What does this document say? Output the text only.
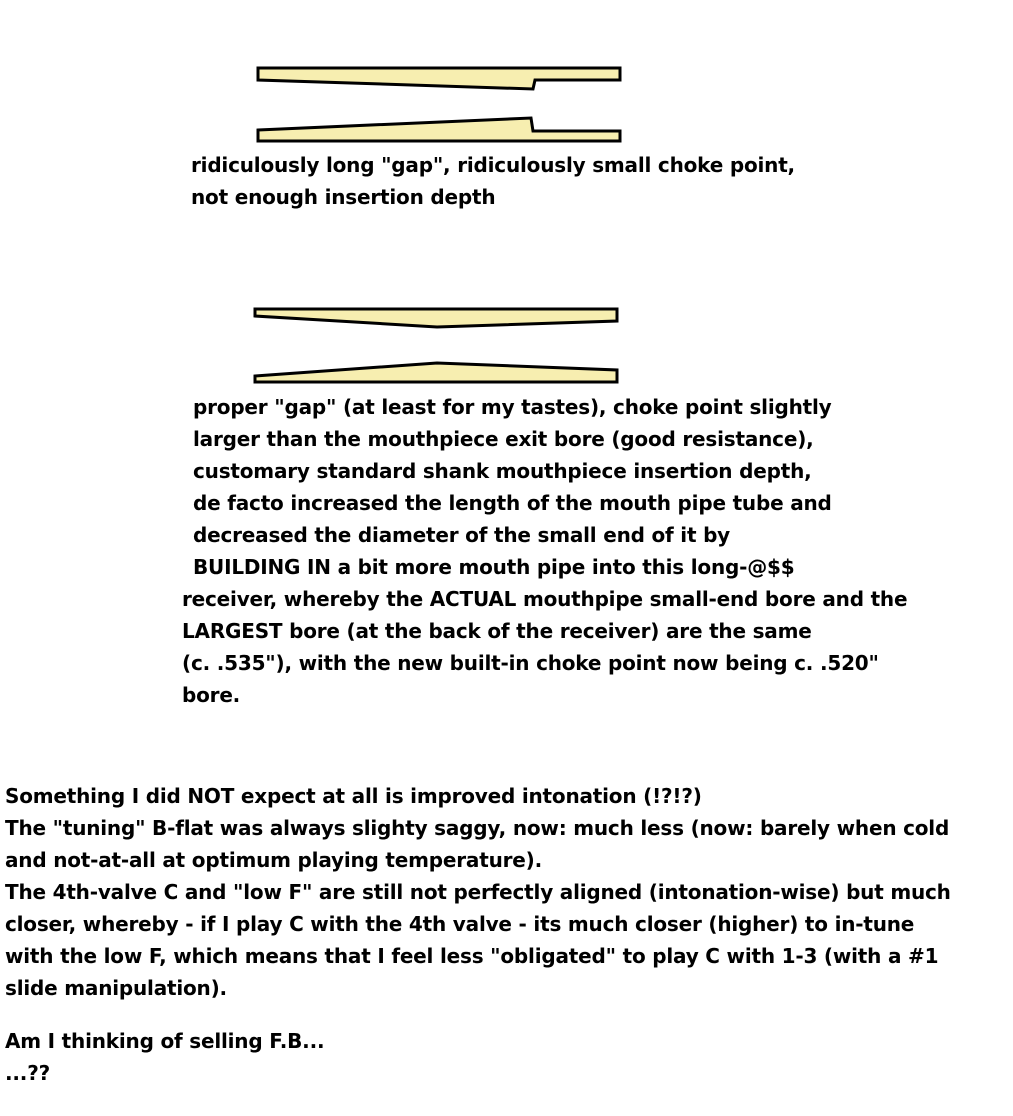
ridiculously long "gap", ridiculously small choke point,
not enough insertion depth
proper "gap" (at least for my tastes), choke point slightly
larger than the mouthpiece exit bore (good resistance),
customary standard shank mouthpiece insertion depth,
de facto increased the length of the mouth pipe tube and
decreased the diameter of the small end of it by
BUILDING IN a bit more mouth pipe into this long-@$$
receiver, whereby the ACTUAL mouthpipe small-end bore and the
LARGEST bore (at the back of the receiver) are the same
(c. .535"), with the new built-in choke point now being c. .520"
bore.
Something I did NOT expect at all is improved intonation (!?!?)
The "tuning" B-flat was always slighty saggy, now: much less (now: barely when cold
and not-at-all at optimum playing temperature).
The 4th-valve C and "low F" are still not perfectly aligned (intonation-wise) but much
closer, whereby - if I play C with the 4th valve - its much closer (higher) to in-tune
with the low F, which means that I feel less "obligated" to play C with 1-3 (with a #1
slide manipulation).
Am I thinking of selling F.B...
...??
